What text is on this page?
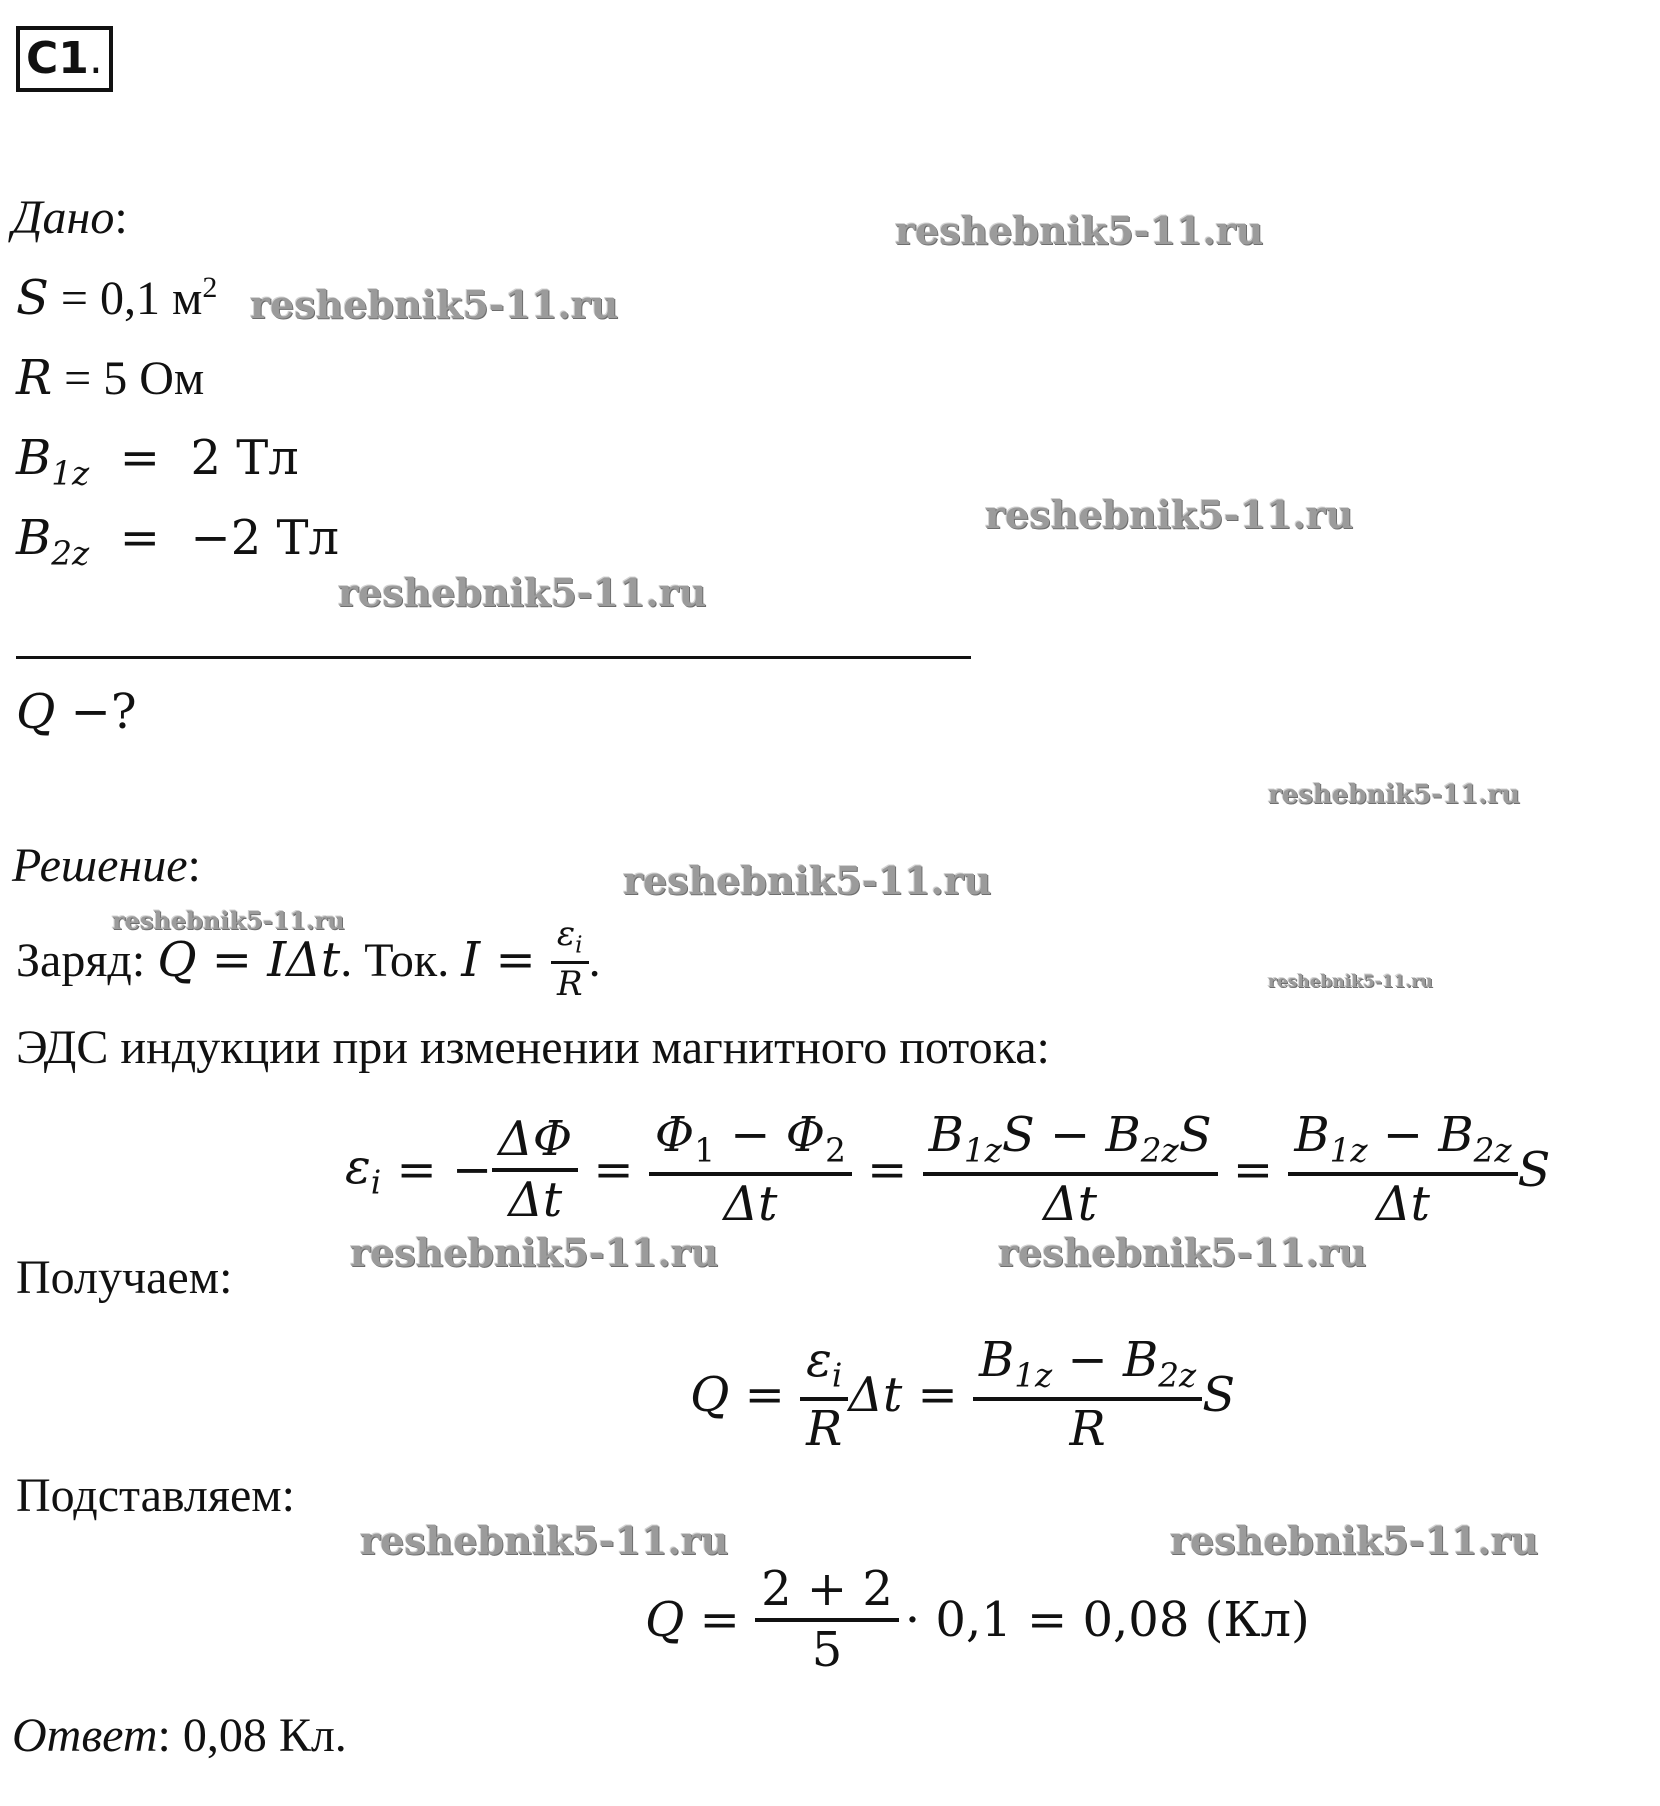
С1.
Дано:
S = 0,1 $м^2$
R = 5 Ом
$B_{1z} = 2$ Тл
$B_{2z} = -2$ Тл
Q −?
Решение:
Заряд: Q = IΔt . Ток. $I = \frac{\varepsilon_i}{R}$ .
ЭДС индукции при изменении магнитного потока:
$\varepsilon_i$ = − $\frac{\Delta\Phi}{\Delta t} = \frac{\Phi_1 - \Phi_2}{\Delta t} = \frac{B_{1z}S - B_{2z}S}{\Delta t} = \frac{B_{1z} - B_{2z}}{\Delta t}$ S
Получаем:
$Q = \frac{\varepsilon_i}{R}$ $\Delta t = \frac{B_{1z} - B_{2z}}{R}$ S
Подставляем:
$Q = \frac{2 + 2}{5} \cdot 0,1 = 0,08$ (Кл)
Ответ: 0,08 Кл.
reshebnik5-11.ru
reshebnik5-11.ru
reshebnik5-11.ru
reshebnik5-11.ru
reshebnik5-11.ru
reshebnik5-11.ru
reshebnik5-11.ru
reshebnik5-11.ru
reshebnik5-11.ru	reshebnik5-11.ru
reshebnik5-11.ru	reshebnik5-11.ru
